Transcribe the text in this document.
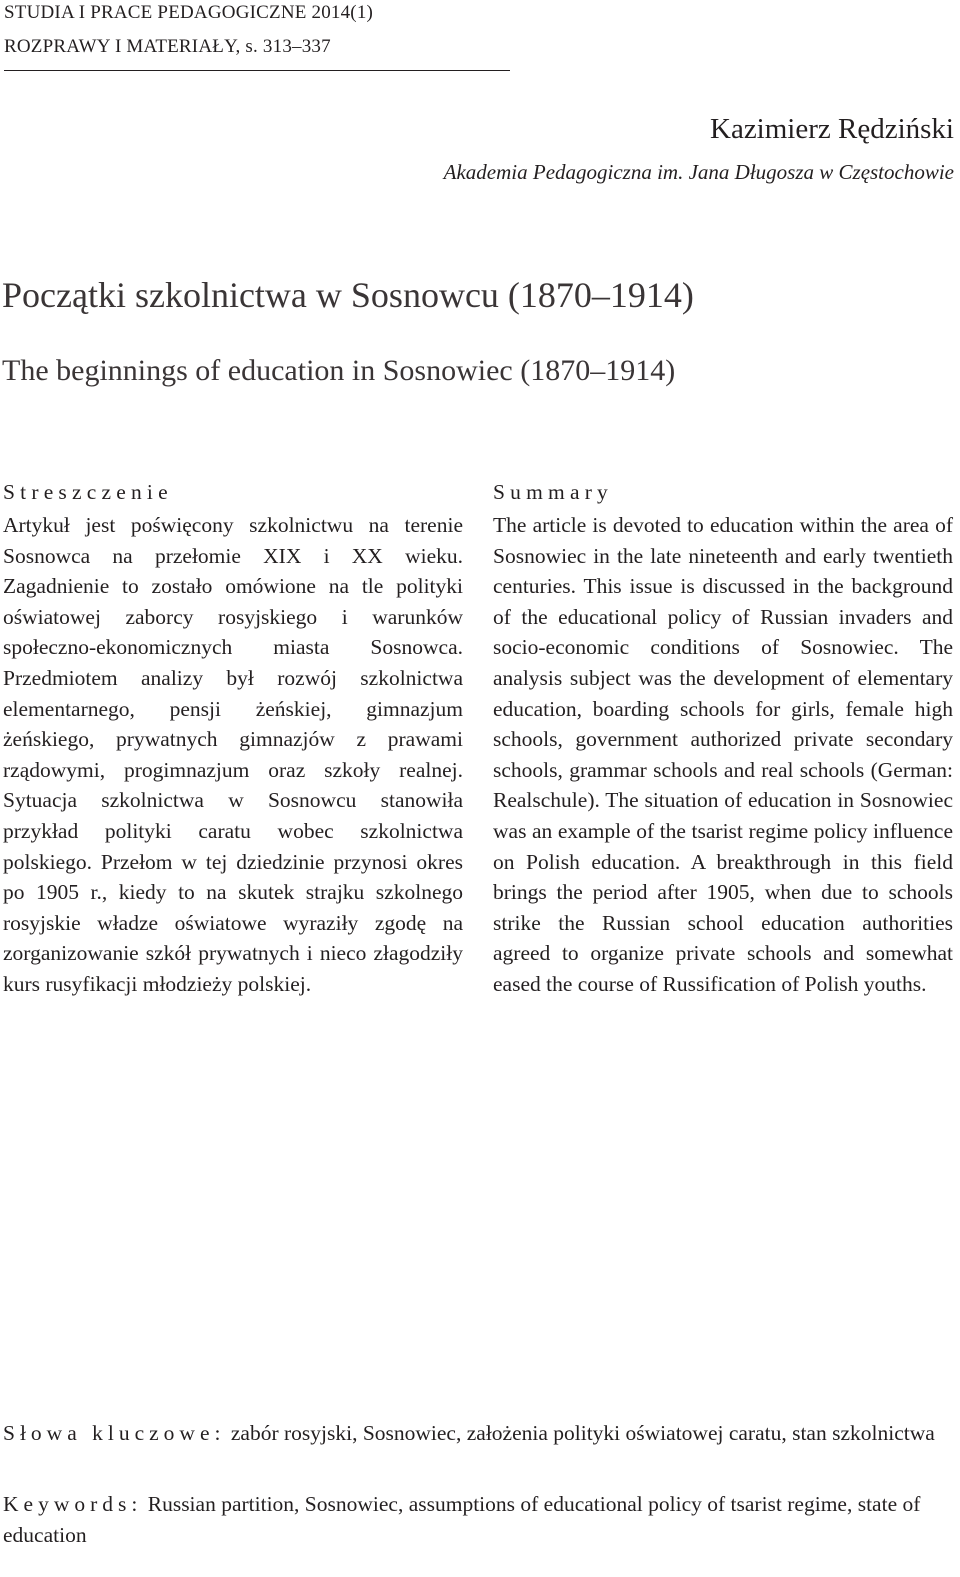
STUDIA I PRACE PEDAGOGICZNE 2014(1)
ROZPRAWY I MATERIAŁY, s. 313–337
Kazimierz Rędziński
Akademia Pedagogiczna im. Jana Długosza w Częstochowie
Początki szkolnictwa w Sosnowcu (1870–1914)
The beginnings of education in Sosnowiec (1870–1914)
Streszczenie

Artykuł jest poświęcony szkolnictwu na terenie Sosnowca na przełomie XIX i XX wieku. Zagadnienie to zostało omówione na tle polityki oświatowej zaborcy rosyjskiego i warunków społeczno-ekonomicznych miasta Sosnowca. Przedmiotem analizy był rozwój szkolnictwa elementarnego, pensji żeńskiej, gimnazjum żeńskiego, prywatnych gimnazjów z prawami rządowymi, progimnazjum oraz szkoły realnej. Sytuacja szkolnictwa w Sosnowcu stanowiła przykład polityki caratu wobec szkolnictwa polskiego. Przełom w tej dziedzinie przynosi okres po 1905 r., kiedy to na skutek strajku szkolnego rosyjskie władze oświatowe wyraziły zgodę na zorganizowanie szkół prywatnych i nieco złagodziły kurs rusyfikacji młodzieży polskiej.

Summary

The article is devoted to education within the area of Sosnowiec in the late nineteenth and early twentieth centuries. This issue is discussed in the background of the educational policy of Russian invaders and socio-economic conditions of Sosnowiec. The analysis subject was the development of elementary education, boarding schools for girls, female high schools, government authorized private secondary schools, grammar schools and real schools (German: Realschule). The situation of education in Sosnowiec was an example of the tsarist regime policy influence on Polish education. A breakthrough in this field brings the period after 1905, when due to schools strike the Russian school education authorities agreed to organize private schools and somewhat eased the course of Russification of Polish youths.

Słowa kluczowe: zabór rosyjski, Sosnowiec, założenia polityki oświatowej caratu, stan szkolnictwa
Keywords: Russian partition, Sosnowiec, assumptions of educational policy of tsarist regime, state of education
